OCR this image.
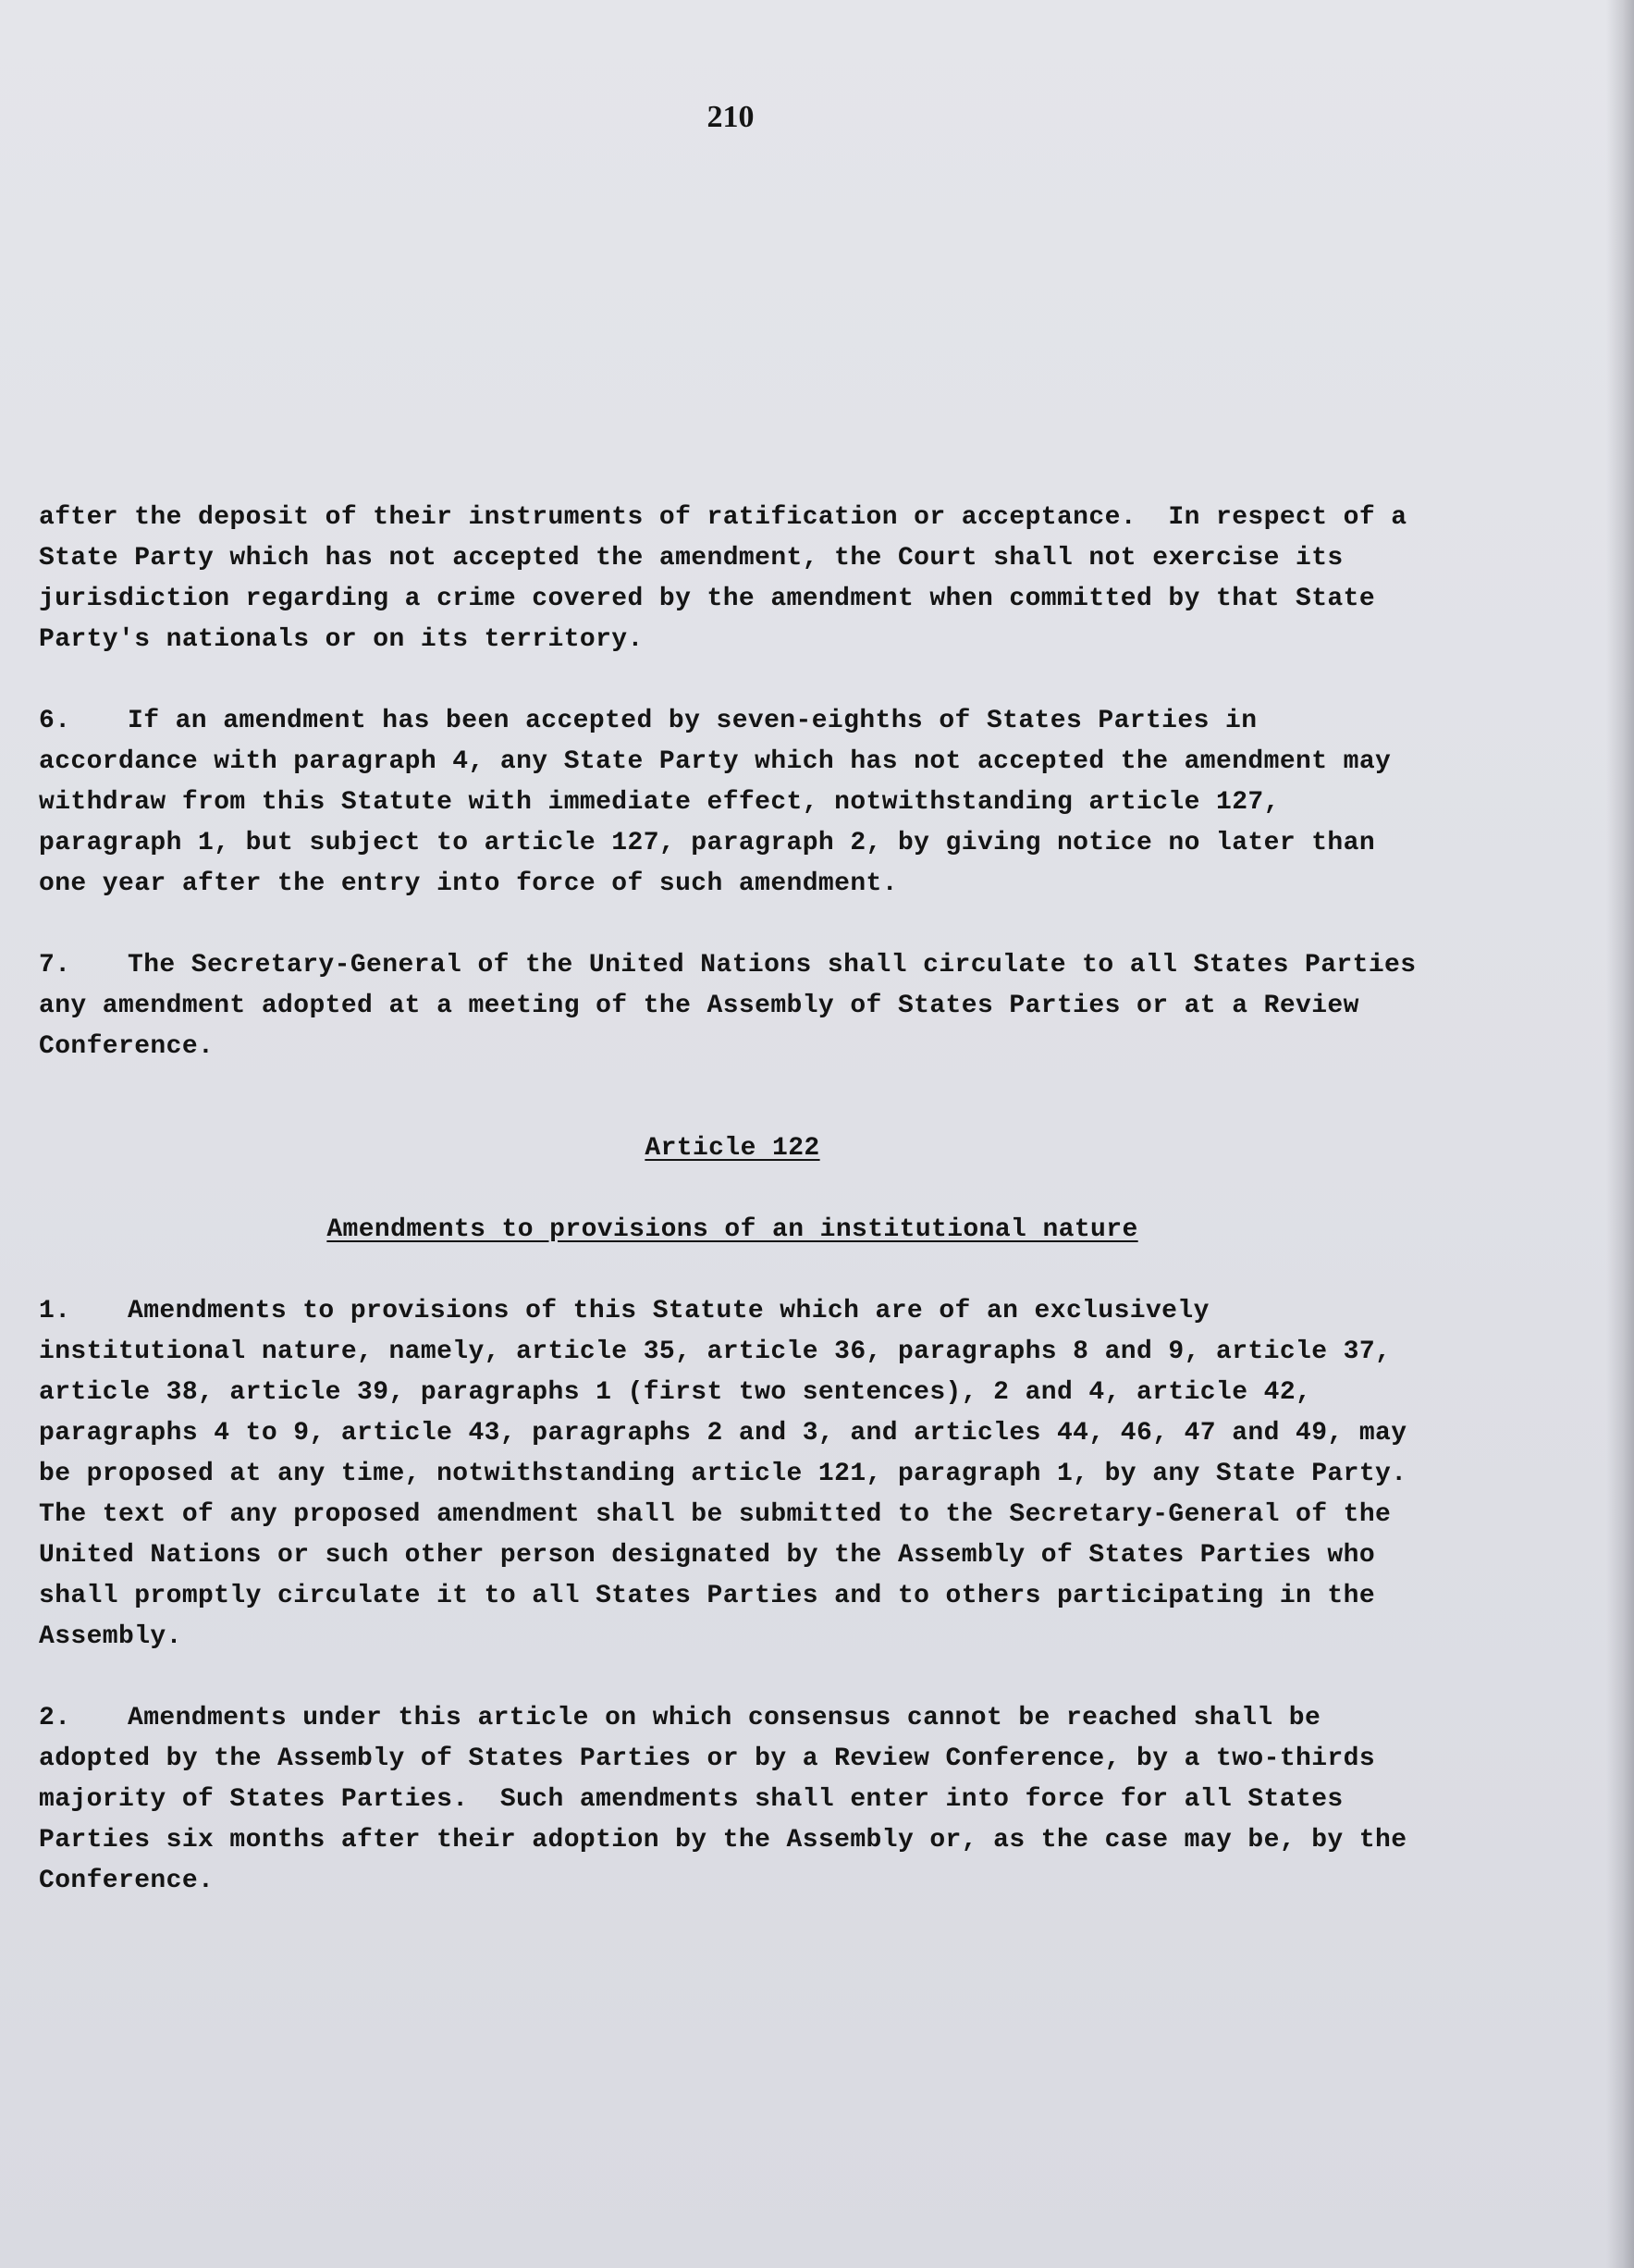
210

after the deposit of their instruments of ratification or acceptance.  In respect of a State Party which has not accepted the amendment, the Court shall not exercise its jurisdiction regarding a crime covered by the amendment when committed by that State Party's nationals or on its territory.

6. If an amendment has been accepted by seven-eighths of States Parties in accordance with paragraph 4, any State Party which has not accepted the amendment may withdraw from this Statute with immediate effect, notwithstanding article 127, paragraph 1, but subject to article 127, paragraph 2, by giving notice no later than one year after the entry into force of such amendment.

7. The Secretary-General of the United Nations shall circulate to all States Parties any amendment adopted at a meeting of the Assembly of States Parties or at a Review Conference.

Article 122
Amendments to provisions of an institutional nature

1. Amendments to provisions of this Statute which are of an exclusively institutional nature, namely, article 35, article 36, paragraphs 8 and 9, article 37, article 38, article 39, paragraphs 1 (first two sentences), 2 and 4, article 42, paragraphs 4 to 9, article 43, paragraphs 2 and 3, and articles 44, 46, 47 and 49, may be proposed at any time, notwithstanding article 121, paragraph 1, by any State Party.  The text of any proposed amendment shall be submitted to the Secretary-General of the United Nations or such other person designated by the Assembly of States Parties who shall promptly circulate it to all States Parties and to others participating in the Assembly.

2. Amendments under this article on which consensus cannot be reached shall be adopted by the Assembly of States Parties or by a Review Conference, by a two-thirds majority of States Parties.  Such amendments shall enter into force for all States Parties six months after their adoption by the Assembly or, as the case may be, by the Conference.
